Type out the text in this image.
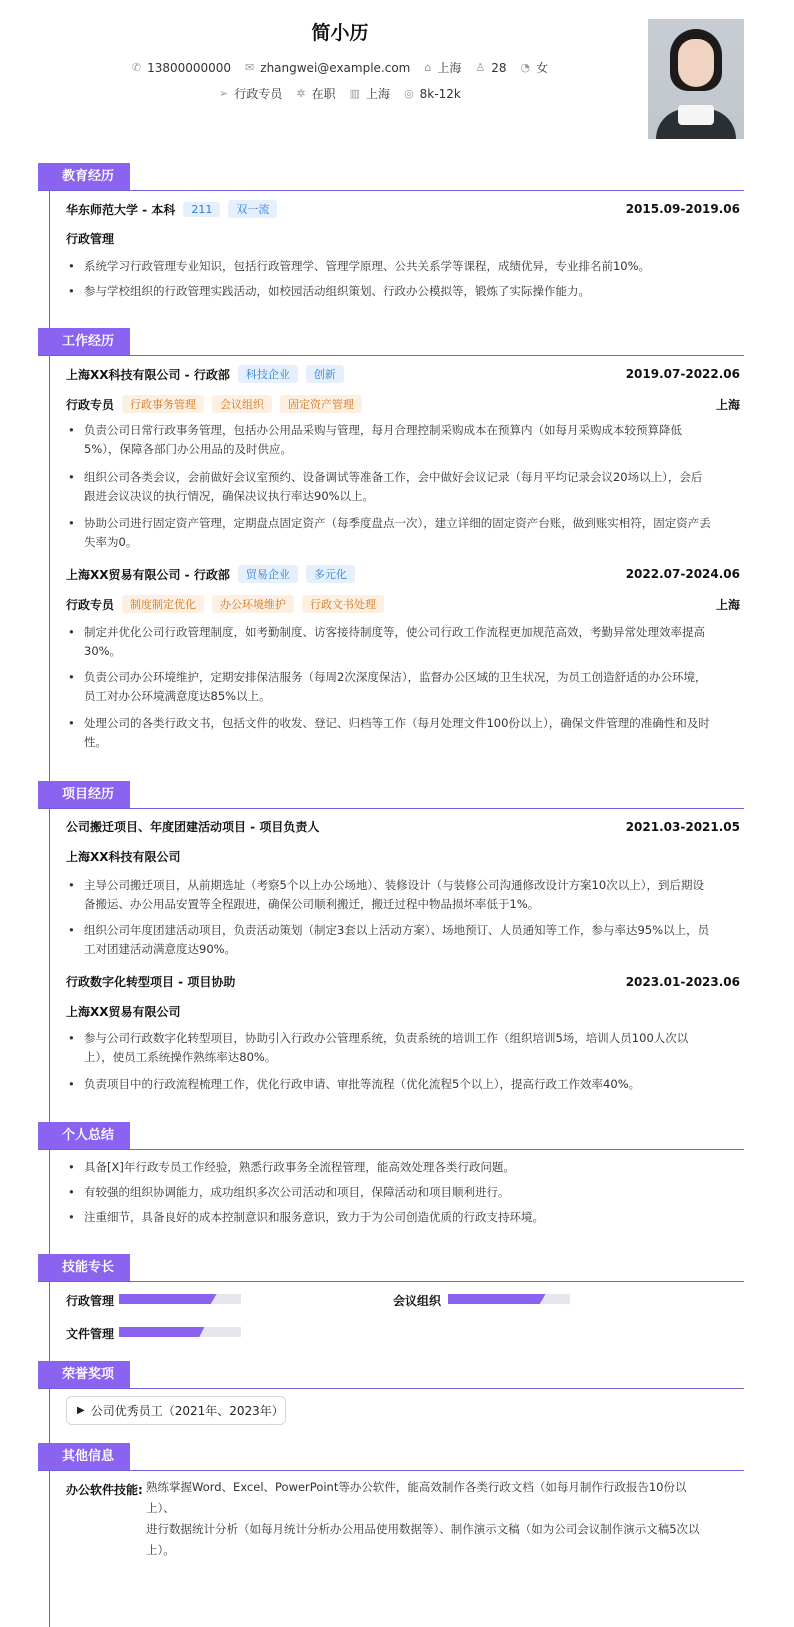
简小历
✆ 13800000000 ✉ zhangwei@example.com ⌂ 上海 ♙ 28 ◔ 女
➢ 行政专员 ✲ 在职 ▥ 上海 ◎ 8k-12k
教育经历
华东师范大学 - 本科	211	双一流	2015.09-2019.06
行政管理
• 系统学习行政管理专业知识，包括行政管理学、管理学原理、公共关系学等课程，成绩优异，专业排名前10%。
• 参与学校组织的行政管理实践活动，如校园活动组织策划、行政办公模拟等，锻炼了实际操作能力。
工作经历
上海XX科技有限公司 - 行政部	科技企业	创新	2019.07-2022.06
行政专员	行政事务管理	会议组织	固定资产管理	上海
• 负责公司日常行政事务管理，包括办公用品采购与管理，每月合理控制采购成本在预算内（如每月采购成本较预算降低
5%），保障各部门办公用品的及时供应。
• 组织公司各类会议，会前做好会议室预约、设备调试等准备工作，会中做好会议记录（每月平均记录会议20场以上），会后
跟进会议决议的执行情况，确保决议执行率达90%以上。
• 协助公司进行固定资产管理，定期盘点固定资产（每季度盘点一次），建立详细的固定资产台账，做到账实相符，固定资产丢
失率为0。
上海XX贸易有限公司 - 行政部	贸易企业	多元化	2022.07-2024.06
行政专员	制度制定优化	办公环境维护	行政文书处理	上海
• 制定并优化公司行政管理制度，如考勤制度、访客接待制度等，使公司行政工作流程更加规范高效，考勤异常处理效率提高
30%。
• 负责公司办公环境维护，定期安排保洁服务（每周2次深度保洁），监督办公区域的卫生状况，为员工创造舒适的办公环境，
员工对办公环境满意度达85%以上。
• 处理公司的各类行政文书，包括文件的收发、登记、归档等工作（每月处理文件100份以上），确保文件管理的准确性和及时
性。
项目经历
公司搬迁项目、年度团建活动项目 - 项目负责人	2021.03-2021.05
上海XX科技有限公司
• 主导公司搬迁项目，从前期选址（考察5个以上办公场地）、装修设计（与装修公司沟通修改设计方案10次以上），到后期设
备搬运、办公用品安置等全程跟进，确保公司顺利搬迁，搬迁过程中物品损坏率低于1%。
• 组织公司年度团建活动项目，负责活动策划（制定3套以上活动方案）、场地预订、人员通知等工作，参与率达95%以上，员
工对团建活动满意度达90%。
行政数字化转型项目 - 项目协助	2023.01-2023.06
上海XX贸易有限公司
• 参与公司行政数字化转型项目，协助引入行政办公管理系统，负责系统的培训工作（组织培训5场，培训人员100人次以
上），使员工系统操作熟练率达80%。
• 负责项目中的行政流程梳理工作，优化行政申请、审批等流程（优化流程5个以上），提高行政工作效率40%。
个人总结
• 具备[X]年行政专员工作经验，熟悉行政事务全流程管理，能高效处理各类行政问题。
• 有较强的组织协调能力，成功组织多次公司活动和项目，保障活动和项目顺利进行。
• 注重细节，具备良好的成本控制意识和服务意识，致力于为公司创造优质的行政支持环境。
技能专长
行政管理	会议组织
文件管理
荣誉奖项
▶ 公司优秀员工（2021年、2023年）
其他信息
办公软件技能: 熟练掌握Word、Excel、PowerPoint等办公软件，能高效制作各类行政文档（如每月制作行政报告10份以上）、
进行数据统计分析（如每月统计分析办公用品使用数据等）、制作演示文稿（如为公司会议制作演示文稿5次以
上）。
